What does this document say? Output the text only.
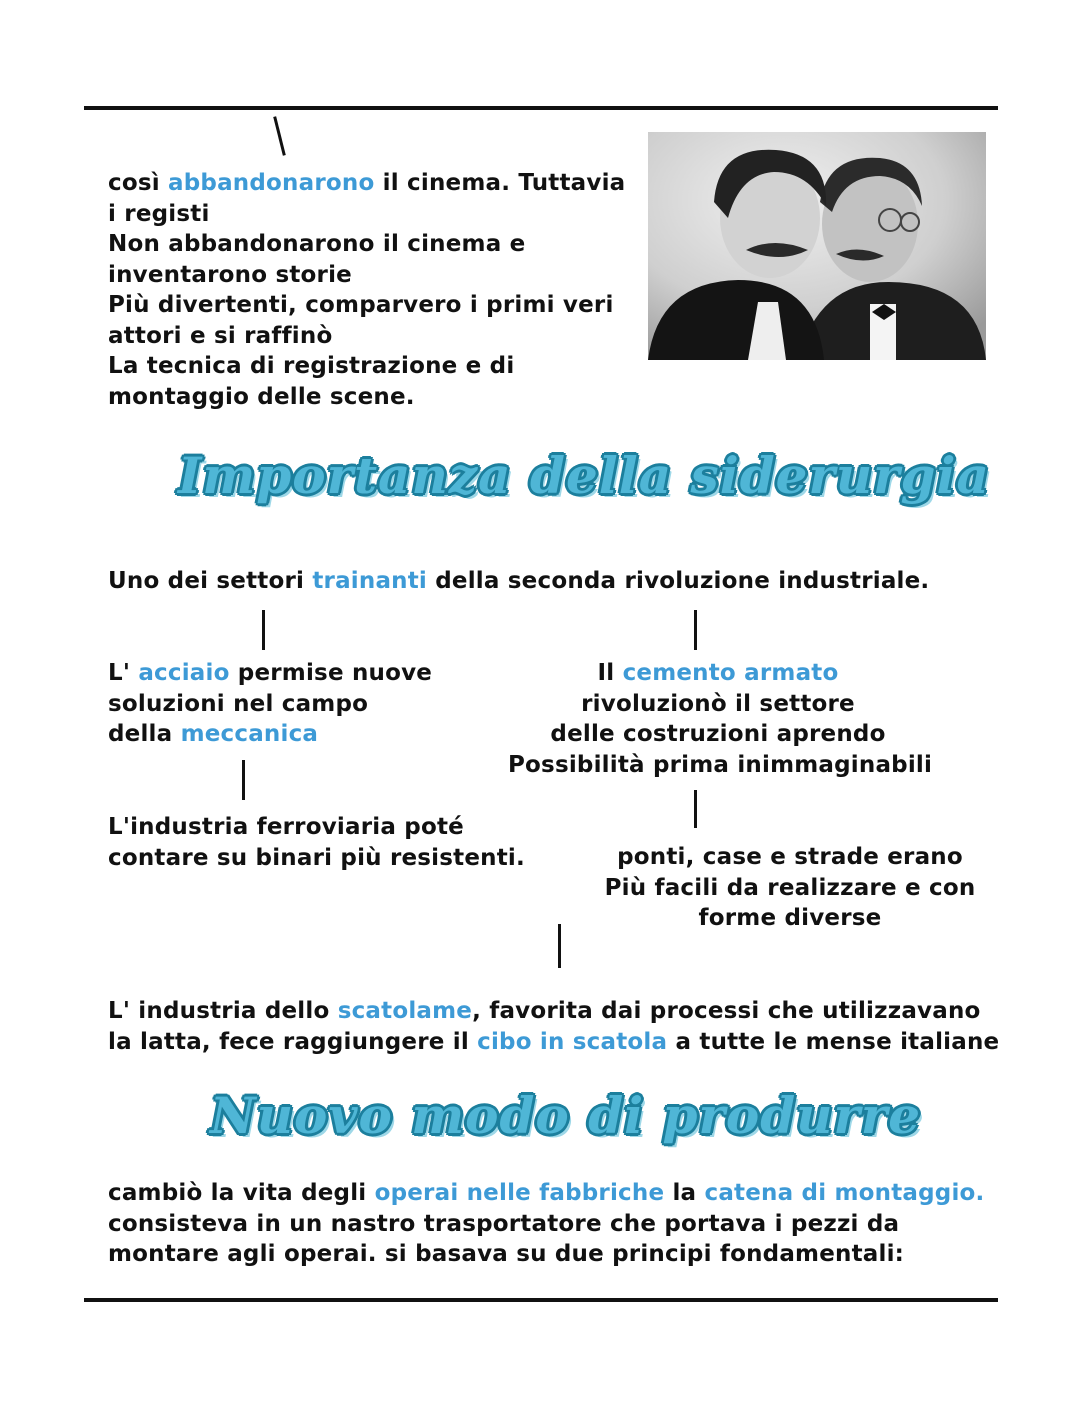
così abbandonarono il cinema. Tuttavia
i registi
Non abbandonarono il cinema e
inventarono storie
Più divertenti, comparvero i primi veri
attori e si raffinò
La tecnica di registrazione e di
montaggio delle scene.
Importanza della siderurgia
Uno dei settori trainanti della seconda rivoluzione industriale.
L' acciaio permise nuove
soluzioni nel campo
della meccanica
Il cemento armato
rivoluzionò il settore
delle costruzioni aprendo
Possibilità prima inimmaginabili
L'industria ferroviaria poté
contare su binari più resistenti.	ponti, case e strade erano
Più facili da realizzare e con
forme diverse
L' industria dello scatolame, favorita dai processi che utilizzavano
la latta, fece raggiungere il cibo in scatola a tutte le mense italiane
Nuovo modo di produrre
cambiò la vita degli operai nelle fabbriche la catena di montaggio.
consisteva in un nastro trasportatore che portava i pezzi da
montare agli operai. si basava su due principi fondamentali:
